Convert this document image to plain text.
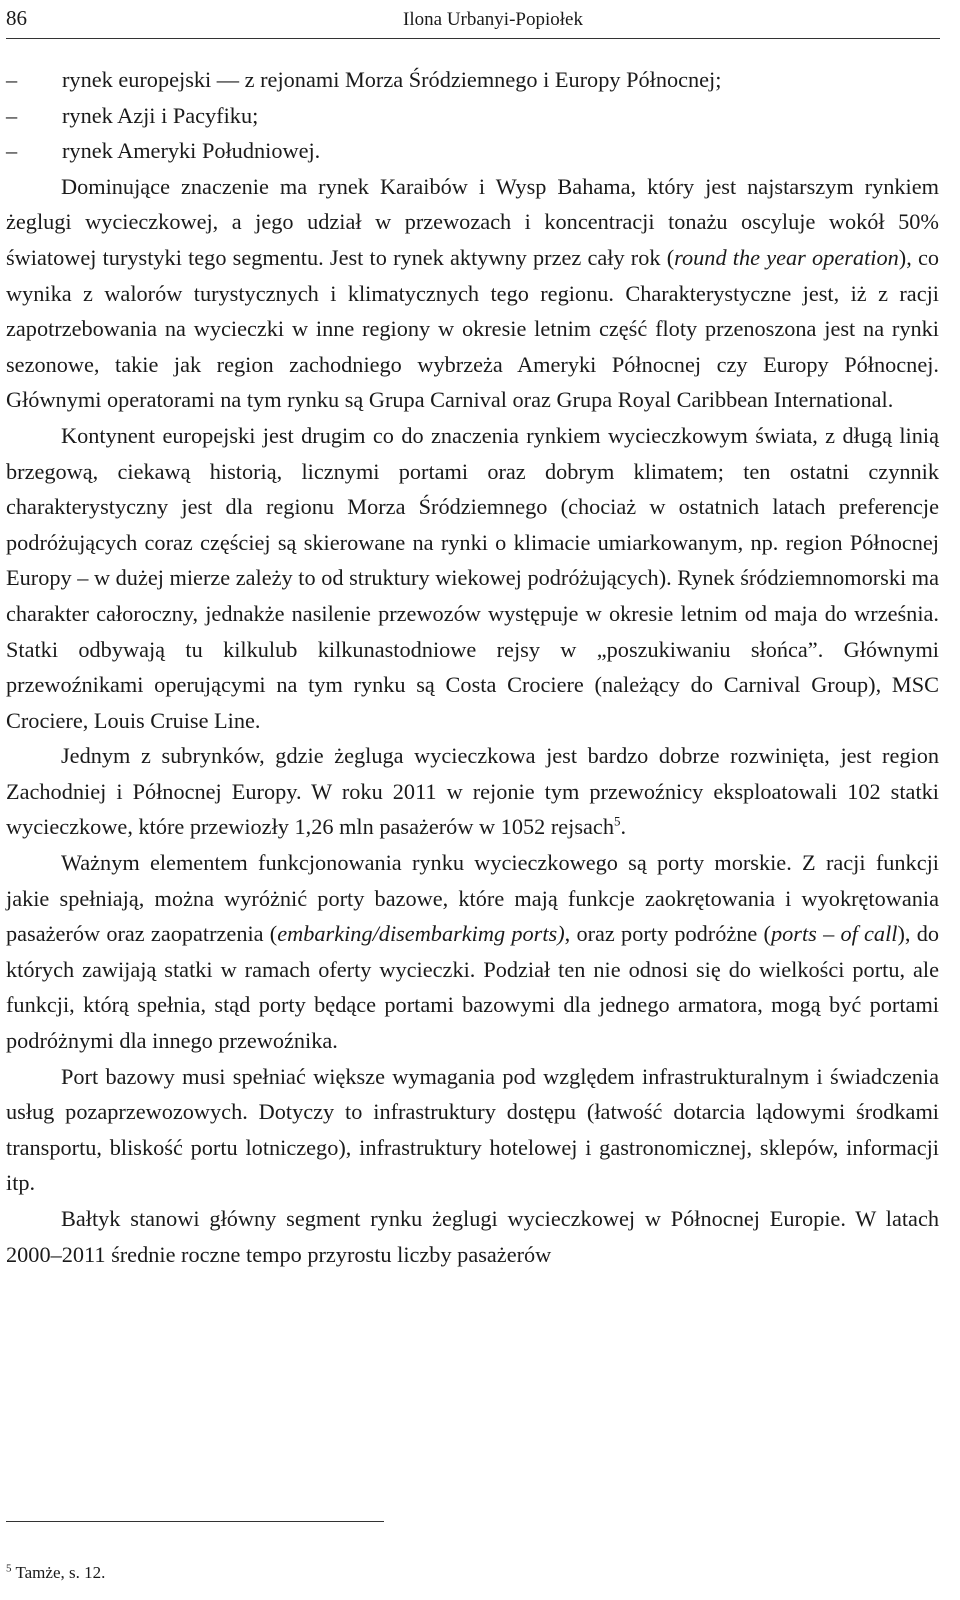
86	Ilona Urbanyi-Popiołek

–	rynek europejski — z rejonami Morza Śródziemnego i Europy Północnej;

–	rynek Azji i Pacyfiku;

–	rynek Ameryki Południowej.

Dominujące znaczenie ma rynek Karaibów i Wysp Bahama, który jest najstarszym rynkiem żeglugi wycieczkowej, a jego udział w przewozach i koncentracji tonażu oscyluje wokół 50% światowej turystyki tego segmentu. Jest to rynek aktywny przez cały rok (round the year operation), co wynika z walorów turystycznych i klimatycznych tego regionu. Charakterystyczne jest, iż z racji zapotrzebowania na wycieczki w inne regiony w okresie letnim część floty przenoszona jest na rynki sezonowe, takie jak region zachodniego wybrzeża Ameryki Północnej czy Europy Północnej. Głównymi operatorami na tym rynku są Grupa Carnival oraz Grupa Royal Caribbean International.

Kontynent europejski jest drugim co do znaczenia rynkiem wycieczkowym świata, z długą linią brzegową, ciekawą historią, licznymi portami oraz dobrym klimatem; ten ostatni czynnik charakterystyczny jest dla regionu Morza Śródziemnego (chociaż w ostatnich latach preferencje podróżujących coraz częściej są skierowane na rynki o klimacie umiarkowanym, np. region Północnej Europy – w dużej mierze zależy to od struktury wiekowej podróżujących). Rynek śródziemnomorski ma charakter całoroczny, jednakże nasilenie przewozów występuje w okresie letnim od maja do września. Statki odbywają tu kilkulub kilkunastodniowe rejsy w „poszukiwaniu słońca”. Głównymi przewoźnikami operującymi na tym rynku są Costa Crociere (należący do Carnival Group), MSC Crociere, Louis Cruise Line.

Jednym z subrynków, gdzie żegluga wycieczkowa jest bardzo dobrze rozwinięta, jest region Zachodniej i Północnej Europy. W roku 2011 w rejonie tym przewoźnicy eksploatowali 102 statki wycieczkowe, które przewiozły 1,26 mln pasażerów w 1052 rejsach$^5$.

Ważnym elementem funkcjonowania rynku wycieczkowego są porty morskie. Z racji funkcji jakie spełniają, można wyróżnić porty bazowe, które mają funkcje zaokrętowania i wyokrętowania pasażerów oraz zaopatrzenia (embarking/disembarkimg ports), oraz porty podróżne (ports – of call), do których zawijają statki w ramach oferty wycieczki. Podział ten nie odnosi się do wielkości portu, ale funkcji, którą spełnia, stąd porty będące portami bazowymi dla jednego armatora, mogą być portami podróżnymi dla innego przewoźnika.

Port bazowy musi spełniać większe wymagania pod względem infrastrukturalnym i świadczenia usług pozaprzewozowych. Dotyczy to infrastruktury dostępu (łatwość dotarcia lądowymi środkami transportu, bliskość portu lotniczego), infrastruktury hotelowej i gastronomicznej, sklepów, informacji itp.

Bałtyk stanowi główny segment rynku żeglugi wycieczkowej w Północnej Europie. W latach 2000–2011 średnie roczne tempo przyrostu liczby pasażerów

$^5$ Tamże, s. 12.
